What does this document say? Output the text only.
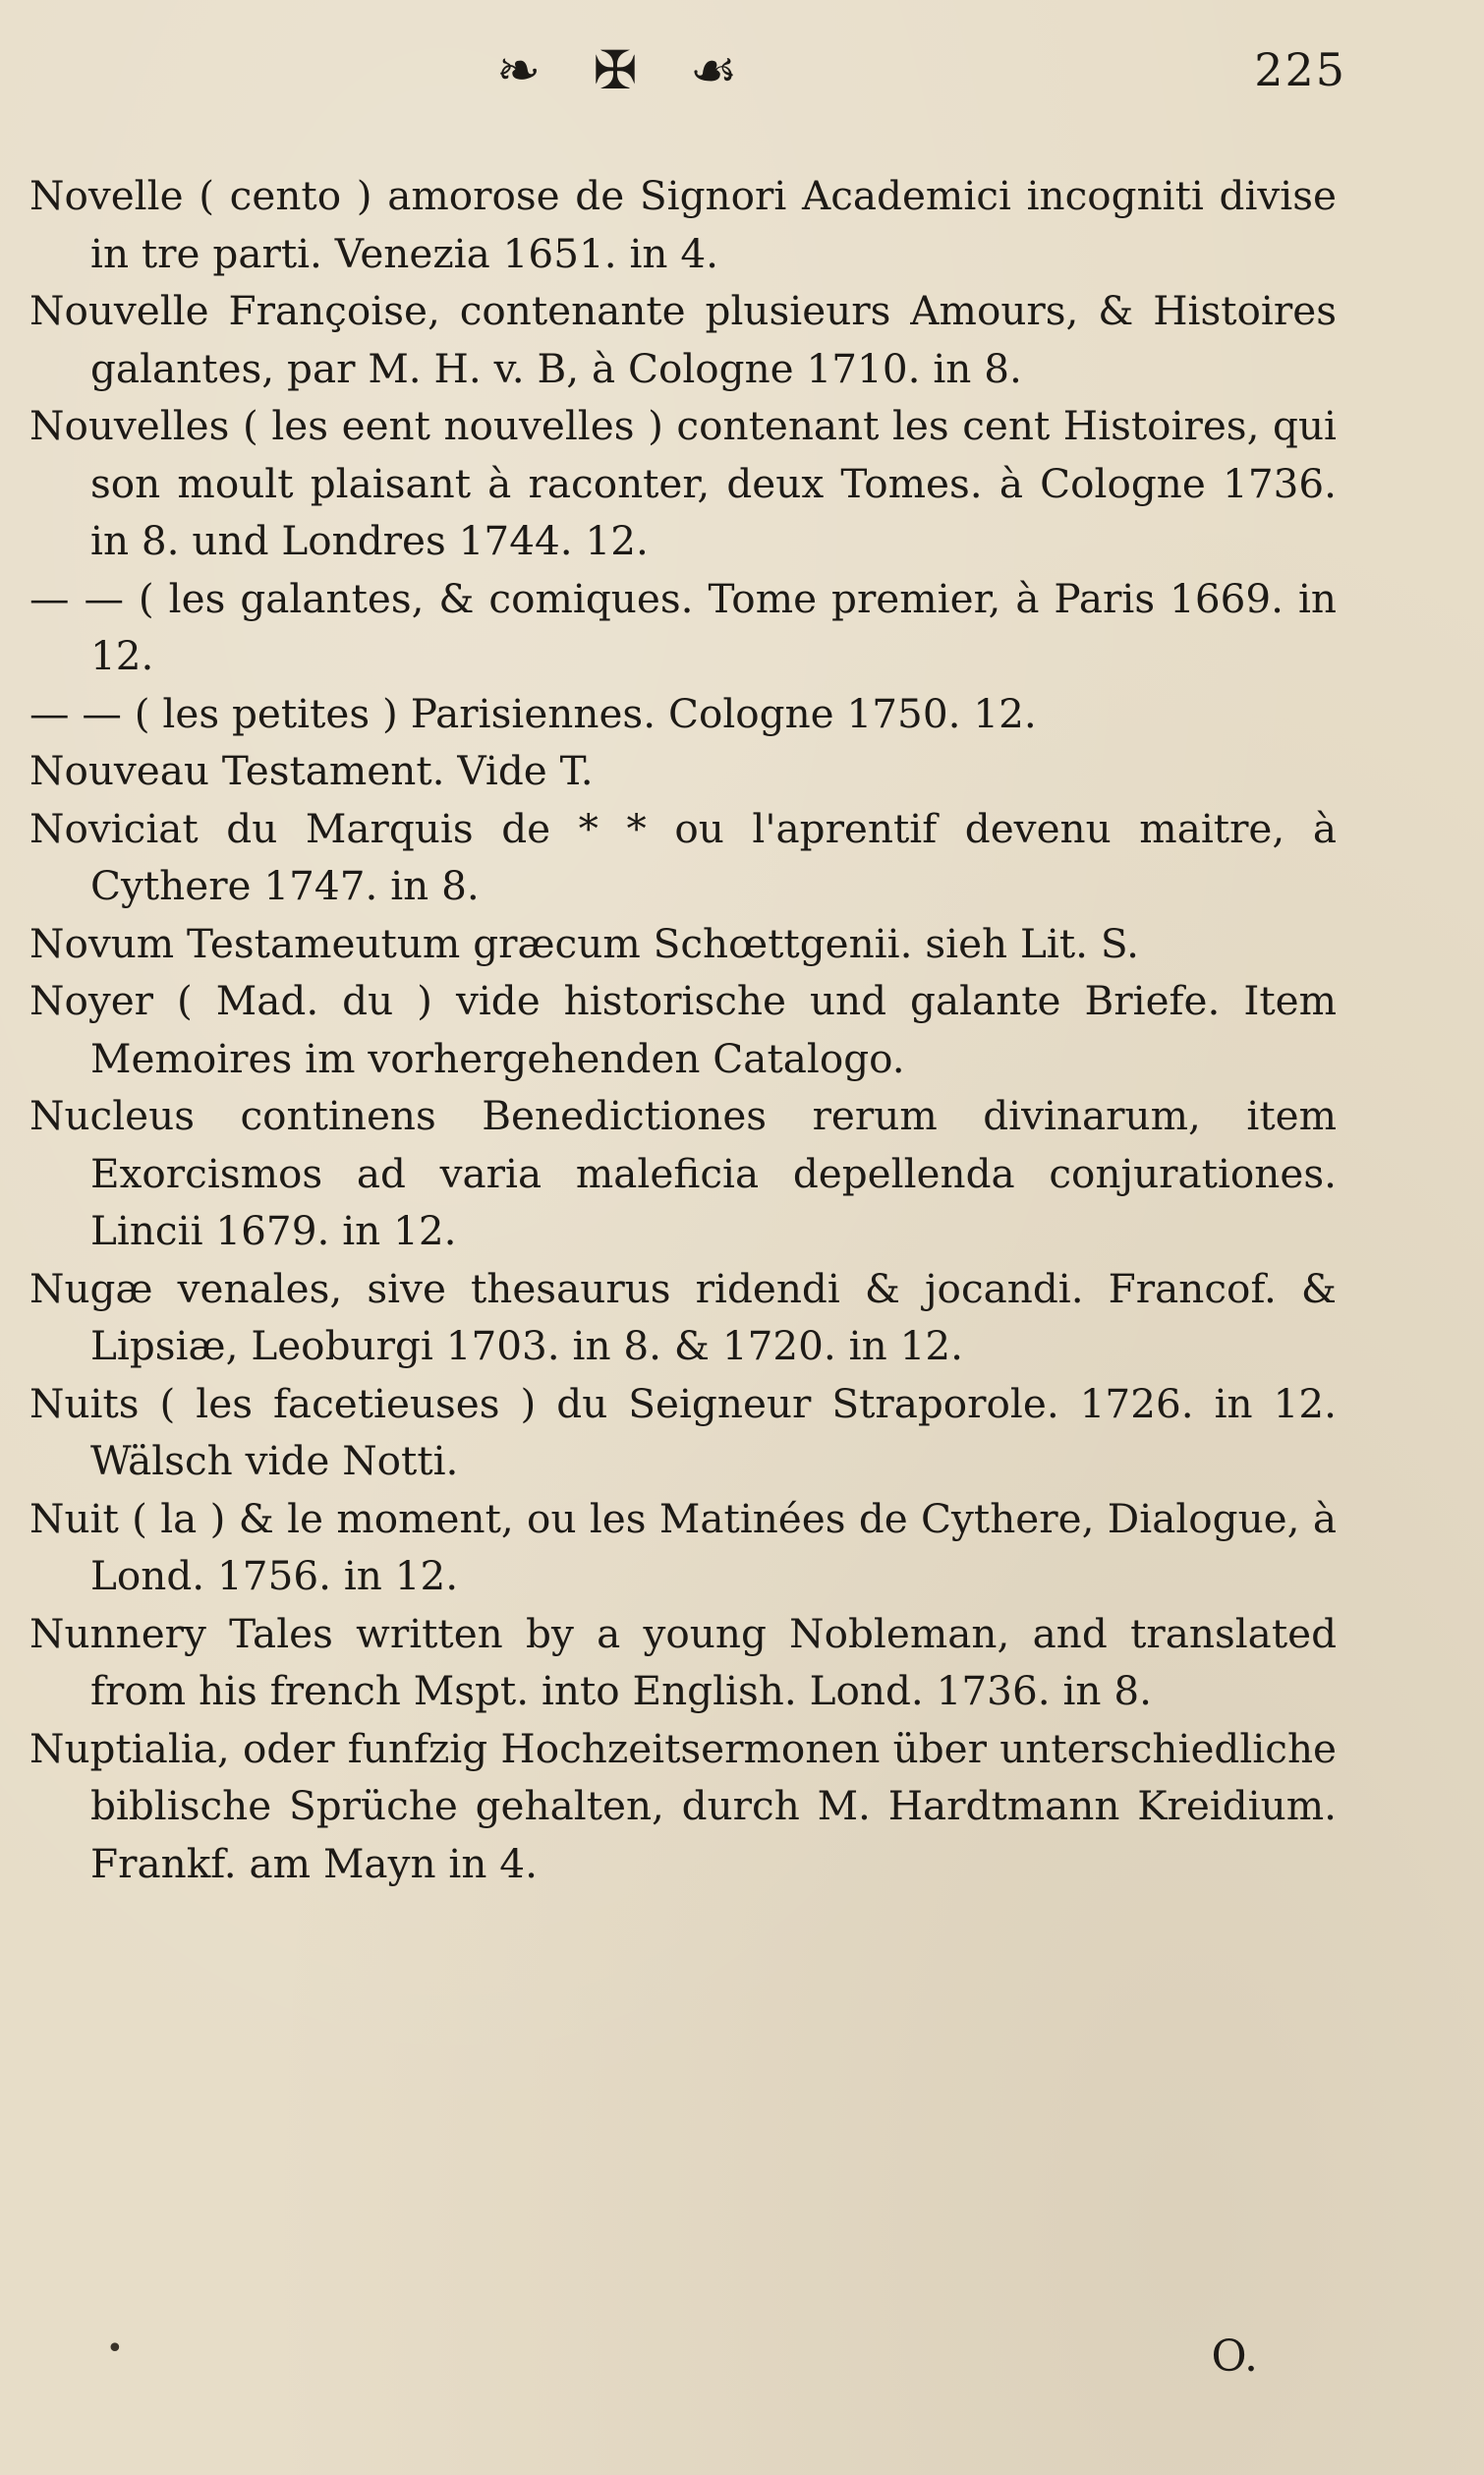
❧ ✠ ☙	225

Novelle ( cento ) amorose de Signori Academici incogniti divise in tre parti. Venezia 1651. in 4.

Nouvelle Françoise, contenante plusieurs Amours, & Histoires galantes, par M. H. v. B, à Cologne 1710. in 8.

Nouvelles ( les eent nouvelles ) contenant les cent Histoires, qui son moult plaisant à raconter, deux Tomes. à Cologne 1736. in 8. und Londres 1744. 12.

— — ( les galantes, & comiques. Tome premier, à Paris 1669. in 12.

— — ( les petites ) Parisiennes. Cologne 1750. 12.

Nouveau Testament. Vide T.

Noviciat du Marquis de * * ou l'aprentif devenu maitre, à Cythere 1747. in 8.

Novum Testameutum græcum Schœttgenii. sieh Lit. S.

Noyer ( Mad. du ) vide historische und galante Briefe. Item Memoires im vorhergehenden Catalogo.

Nucleus continens Benedictiones rerum divinarum, item Exorcismos ad varia maleficia depellenda conjurationes. Lincii 1679. in 12.

Nugæ venales, sive thesaurus ridendi & jocandi. Francof. & Lipsiæ, Leoburgi 1703. in 8. & 1720. in 12.

Nuits ( les facetieuses ) du Seigneur Straporole. 1726. in 12. Wälsch vide Notti.

Nuit ( la ) & le moment, ou les Matinées de Cythere, Dialogue, à Lond. 1756. in 12.

Nunnery Tales written by a young Nobleman, and translated from his french Mspt. into English. Lond. 1736. in 8.

Nuptialia, oder funfzig Hochzeitsermonen über unterschiedliche biblische Sprüche gehalten, durch M. Hardtmann Kreidium. Frankf. am Mayn in 4.

•	O.
